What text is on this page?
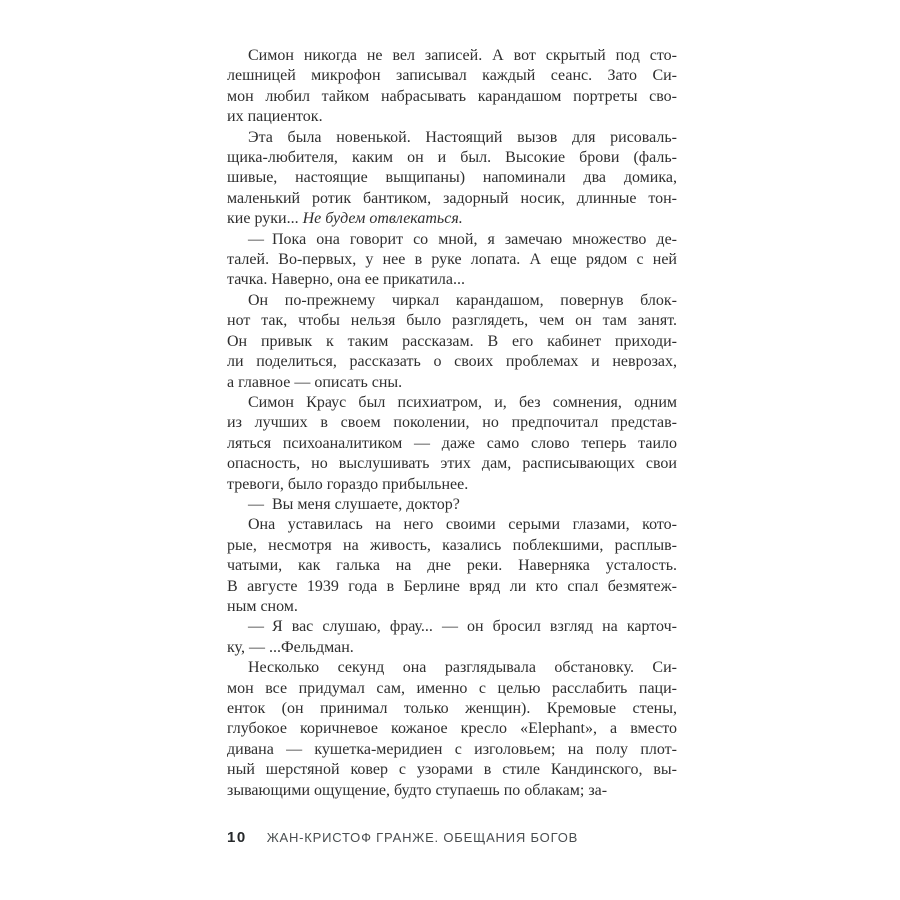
Симон никогда не вел записей. А вот скрытый под сто-
лешницей микрофон записывал каждый сеанс. Зато Си-
мон любил тайком набрасывать карандашом портреты сво-
их пациенток.
Эта была новенькой. Настоящий вызов для рисоваль-
щика-любителя, каким он и был. Высокие брови (фаль-
шивые, настоящие выщипаны) напоминали два домика,
маленький ротик бантиком, задорный носик, длинные тон-
кие руки... Не будем отвлекаться.
— Пока она говорит со мной, я замечаю множество де-
талей. Во-первых, у нее в руке лопата. А еще рядом с ней
тачка. Наверно, она ее прикатила...
Он по-прежнему чиркал карандашом, повернув блок-
нот так, чтобы нельзя было разглядеть, чем он там занят.
Он привык к таким рассказам. В его кабинет приходи-
ли поделиться, рассказать о своих проблемах и неврозах,
а главное — описать сны.
Симон Краус был психиатром, и, без сомнения, одним
из лучших в своем поколении, но предпочитал представ-
ляться психоаналитиком — даже само слово теперь таило
опасность, но выслушивать этих дам, расписывающих свои
тревоги, было гораздо прибыльнее.
— Вы меня слушаете, доктор?
Она уставилась на него своими серыми глазами, кото-
рые, несмотря на живость, казались поблекшими, расплыв-
чатыми, как галька на дне реки. Наверняка усталость.
В августе 1939 года в Берлине вряд ли кто спал безмятеж-
ным сном.
— Я вас слушаю, фрау... — он бросил взгляд на карточ-
ку, — ...Фельдман.
Несколько секунд она разглядывала обстановку. Си-
мон все придумал сам, именно с целью расслабить паци-
енток (он принимал только женщин). Кремовые стены,
глубокое коричневое кожаное кресло «Elephant», а вместо
дивана — кушетка-меридиен с изголовьем; на полу плот-
ный шерстяной ковер с узорами в стиле Кандинского, вы-
зывающими ощущение, будто ступаешь по облакам; за-
10 ЖАН-КРИСТОФ ГРАНЖЕ. ОБЕЩАНИЯ БОГОВ
